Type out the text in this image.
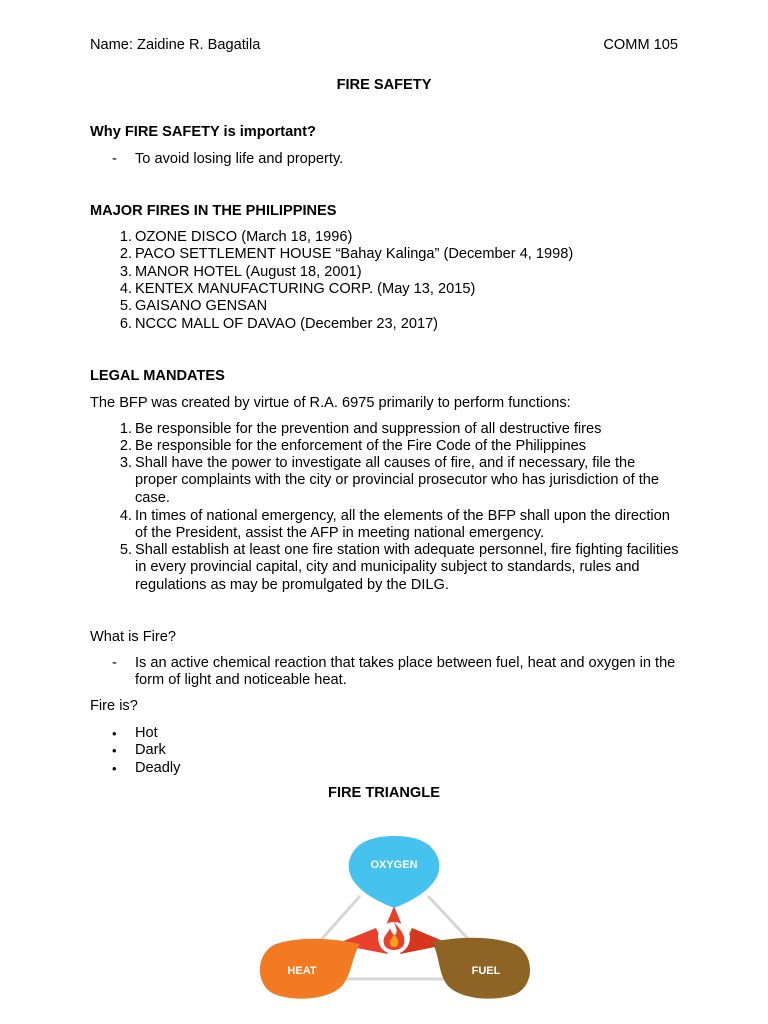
Name: Zaidine R. Bagatila	COMM 105
FIRE SAFETY
Why FIRE SAFETY is important?
- To avoid losing life and property.
MAJOR FIRES IN THE PHILIPPINES
1. OZONE DISCO (March 18, 1996)
2. PACO SETTLEMENT HOUSE “Bahay Kalinga” (December 4, 1998)
3. MANOR HOTEL (August 18, 2001)
4. KENTEX MANUFACTURING CORP. (May 13, 2015)
5. GAISANO GENSAN
6. NCCC MALL OF DAVAO (December 23, 2017)
LEGAL MANDATES
The BFP was created by virtue of R.A. 6975 primarily to perform functions:
1. Be responsible for the prevention and suppression of all destructive fires
2. Be responsible for the enforcement of the Fire Code of the Philippines
3. Shall have the power to investigate all causes of fire, and if necessary, file the proper complaints with the city or provincial prosecutor who has jurisdiction of the case.
4. In times of national emergency, all the elements of the BFP shall upon the direction of the President, assist the AFP in meeting national emergency.
5. Shall establish at least one fire station with adequate personnel, fire fighting facilities in every provincial capital, city and municipality subject to standards, rules and regulations as may be promulgated by the DILG.
What is Fire?
- Is an active chemical reaction that takes place between fuel, heat and oxygen in the form of light and noticeable heat.
Fire is?
• Hot
• Dark
• Deadly
FIRE TRIANGLE
OXYGEN
HEAT	FUEL
